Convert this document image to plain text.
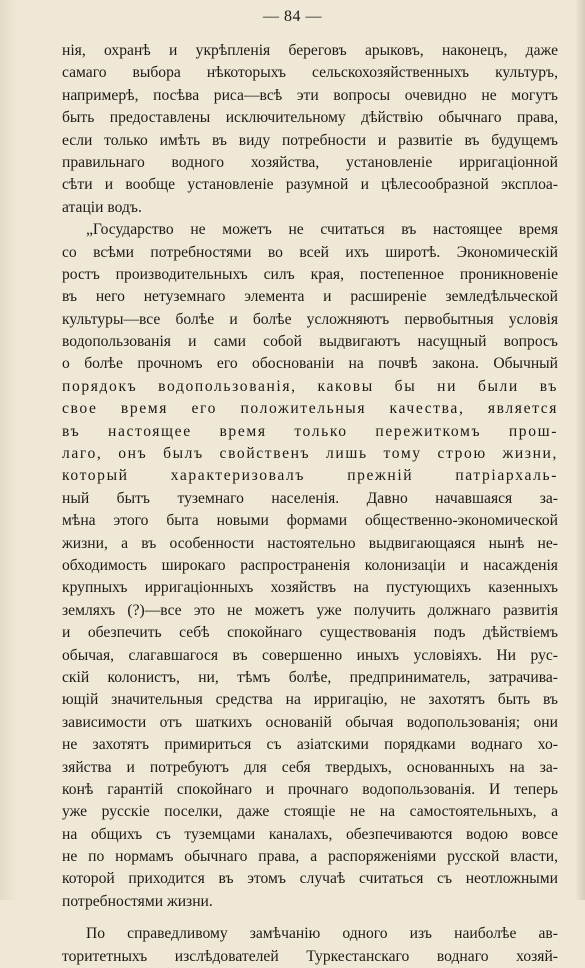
— 84 —
нія, охранѣ и укрѣпленія береговъ арыковъ, наконецъ, даже
самаго выбора нѣкоторыхъ сельскохозяйственныхъ культуръ,
напримерѣ, посѣва риса—всѣ эти вопросы очевидно не могутъ
быть предоставлены исключительному дѣйствію обычнаго права,
если только имѣть въ виду потребности и развитіе въ будущемъ
правильнаго водного хозяйства, установленіе ирригаціонной
сѣти и вообще установленіе разумной и цѣлесообразной эксплоа-
атаціи водъ.
„Государство не можетъ не считаться въ настоящее время
со всѣми потребностями во всей ихъ широтѣ. Экономическій
ростъ производительныхъ силъ края, постепенное проникновеніе
въ него нетуземнаго элемента и расширеніе земледѣльческой
культуры—все болѣе и болѣе усложняютъ первобытныя условія
водопользованія и сами собой выдвигаютъ насущный вопросъ
о болѣе прочномъ его обоснованіи на почвѣ закона. Обычный
порядокъ водопользованія, каковы бы ни были въ
свое время его положительныя качества, является
въ настоящее время только пережиткомъ прош-
лаго, онъ былъ свойственъ лишь тому строю жизни,
который характеризовалъ прежній патріархаль-
ный бытъ туземнаго населенія. Давно начавшаяся за-
мѣна этого быта новыми формами общественно-экономической
жизни, а въ особенности настоятельно выдвигающаяся нынѣ не-
обходимость широкаго распространенія колонизаціи и насажденія
крупныхъ ирригаціонныхъ хозяйствъ на пустующихъ казенныхъ
земляхъ (?)—все это не можетъ уже получить должнаго развитія
и обезпечить себѣ спокойнаго существованія подъ дѣйствіемъ
обычая, слагавшагося въ совершенно иныхъ условіяхъ. Ни рус-
скій колонистъ, ни, тѣмъ болѣе, предприниматель, затрачива-
ющій значительныя средства на ирригацію, не захотятъ быть въ
зависимости отъ шаткихъ основаній обычая водопользованія; они
не захотятъ примириться съ азіатскими порядками воднаго хо-
зяйства и потребуютъ для себя твердыхъ, основанныхъ на за-
конѣ гарантій спокойнаго и прочнаго водопользованія. И теперь
уже русскіе поселки, даже стоящіе не на самостоятельныхъ, а
на общихъ съ туземцами каналахъ, обезпечиваются водою вовсе
не по нормамъ обычнаго права, а распоряженіями русской власти,
которой приходится въ этомъ случаѣ считаться съ неотложными
потребностями жизни.
По справедливому замѣчанію одного изъ наиболѣе ав-
торитетныхъ изслѣдователей Туркестанскаго воднаго хозяй-
